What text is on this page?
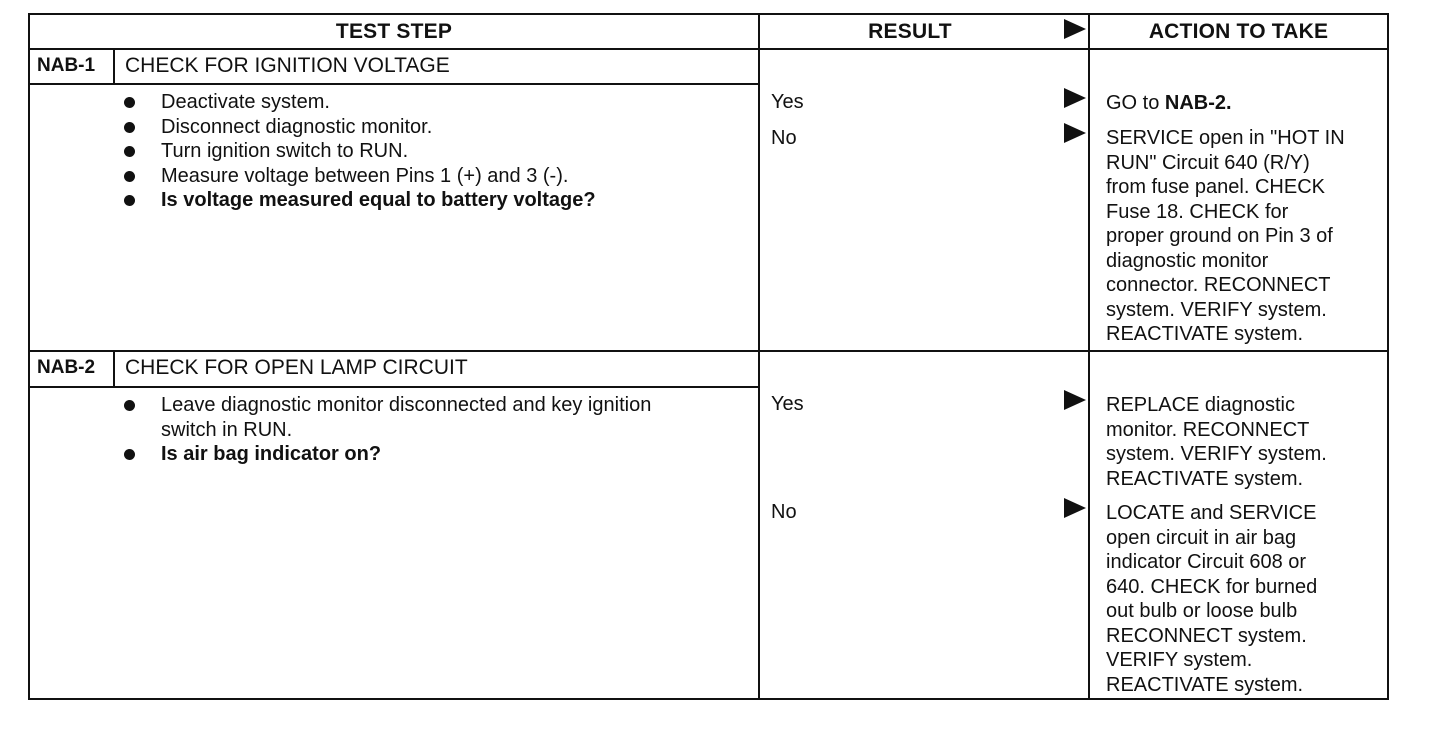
TEST STEP	RESULT	ACTION TO TAKE
NAB-1 CHECK FOR IGNITION VOLTAGE
Deactivate system.
Disconnect diagnostic monitor.
Turn ignition switch to RUN.
Measure voltage between Pins 1 (+) and 3 (-).
Is voltage measured equal to battery voltage?
Yes	GO to NAB-2.
No	SERVICE open in "HOT IN
RUN" Circuit 640 (R/Y)
from fuse panel. CHECK
Fuse 18. CHECK for
proper ground on Pin 3 of
diagnostic monitor
connector. RECONNECT
system. VERIFY system.
REACTIVATE system.
NAB-2 CHECK FOR OPEN LAMP CIRCUIT
Leave diagnostic monitor disconnected and key ignition switch in RUN.
Is air bag indicator on?
Yes	REPLACE diagnostic
monitor. RECONNECT
system. VERIFY system.
REACTIVATE system.
No	LOCATE and SERVICE
open circuit in air bag
indicator Circuit 608 or
640. CHECK for burned
out bulb or loose bulb
RECONNECT system.
VERIFY system.
REACTIVATE system.
